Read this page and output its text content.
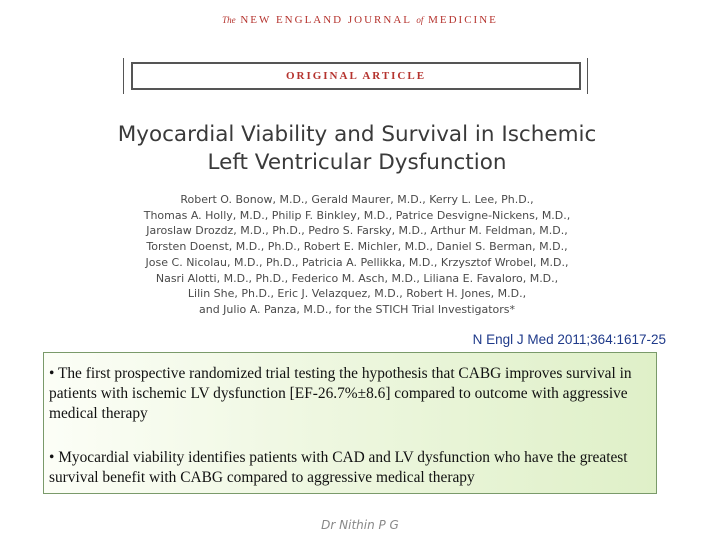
The NEW ENGLAND JOURNAL of MEDICINE
ORIGINAL ARTICLE
Myocardial Viability and Survival in Ischemic
Left Ventricular Dysfunction

Robert O. Bonow, M.D., Gerald Maurer, M.D., Kerry L. Lee, Ph.D.,
Thomas A. Holly, M.D., Philip F. Binkley, M.D., Patrice Desvigne-Nickens, M.D.,
Jaroslaw Drozdz, M.D., Ph.D., Pedro S. Farsky, M.D., Arthur M. Feldman, M.D.,
Torsten Doenst, M.D., Ph.D., Robert E. Michler, M.D., Daniel S. Berman, M.D.,
Jose C. Nicolau, M.D., Ph.D., Patricia A. Pellikka, M.D., Krzysztof Wrobel, M.D.,
Nasri Alotti, M.D., Ph.D., Federico M. Asch, M.D., Liliana E. Favaloro, M.D.,
Lilin She, Ph.D., Eric J. Velazquez, M.D., Robert H. Jones, M.D.,
and Julio A. Panza, M.D., for the STICH Trial Investigators*

N Engl J Med 2011;364:1617-25

• The first prospective randomized trial testing the hypothesis that CABG improves survival in patients with ischemic LV dysfunction [EF-26.7%±8.6] compared to outcome with aggressive medical therapy

• Myocardial viability identifies patients with CAD and LV dysfunction who have the greatest survival benefit with CABG compared to aggressive medical therapy

Dr Nithin P G
